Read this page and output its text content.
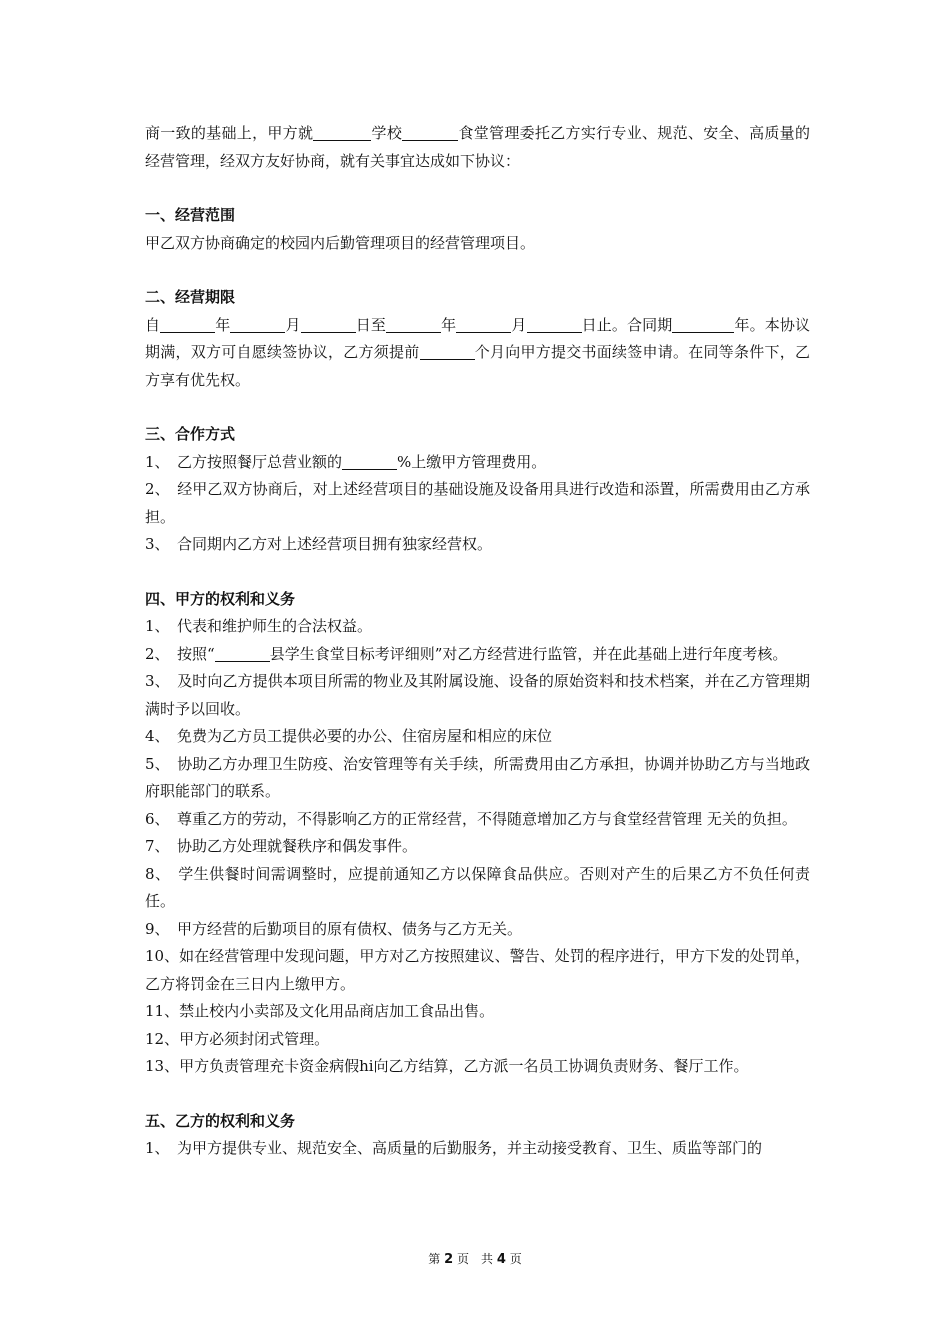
商一致的基础上，甲方就	学校	食堂管理委托乙方实行专业、规范、安全、高质量的经营管理，经双方友好协商，就有关事宜达成如下协议：
一、经营范围
甲乙双方协商确定的校园内后勤管理项目的经营管理项目。
二、经营期限
自	年	月	日至	年	月	日止。合同期	年。本协议期满，双方可自愿续签协议，乙方须提前	个月向甲方提交书面续签申请。在同等条件下，乙方享有优先权。
三、合作方式
1、　乙方按照餐厅总营业额的	%上缴甲方管理费用。
2、　经甲乙双方协商后，对上述经营项目的基础设施及设备用具进行改造和添置，所需费用由乙方承担。
3、　合同期内乙方对上述经营项目拥有独家经营权。
四、甲方的权利和义务
1、　代表和维护师生的合法权益。
2、　按照“	县学生食堂目标考评细则”对乙方经营进行监管，并在此基础上进行年度考核。
3、　及时向乙方提供本项目所需的物业及其附属设施、设备的原始资料和技术档案，并在乙方管理期满时予以回收。
4、　免费为乙方员工提供必要的办公、住宿房屋和相应的床位
5、　协助乙方办理卫生防疫、治安管理等有关手续，所需费用由乙方承担，协调并协助乙方与当地政府职能部门的联系。
6、　尊重乙方的劳动，不得影响乙方的正常经营，不得随意增加乙方与食堂经营管理 无关的负担。
7、　协助乙方处理就餐秩序和偶发事件。
8、　学生供餐时间需调整时，应提前通知乙方以保障食品供应。否则对产生的后果乙方不负任何责任。
9、　甲方经营的后勤项目的原有债权、债务与乙方无关。
10、如在经营管理中发现问题，甲方对乙方按照建议、警告、处罚的程序进行，甲方下发的处罚单，乙方将罚金在三日内上缴甲方。
11、禁止校内小卖部及文化用品商店加工食品出售。
12、甲方必须封闭式管理。
13、甲方负责管理充卡资金病假hi向乙方结算，乙方派一名员工协调负责财务、餐厅工作。
五、乙方的权利和义务
1、　为甲方提供专业、规范安全、高质量的后勤服务，并主动接受教育、卫生、质监等部门的
第 2 页　共 4 页
